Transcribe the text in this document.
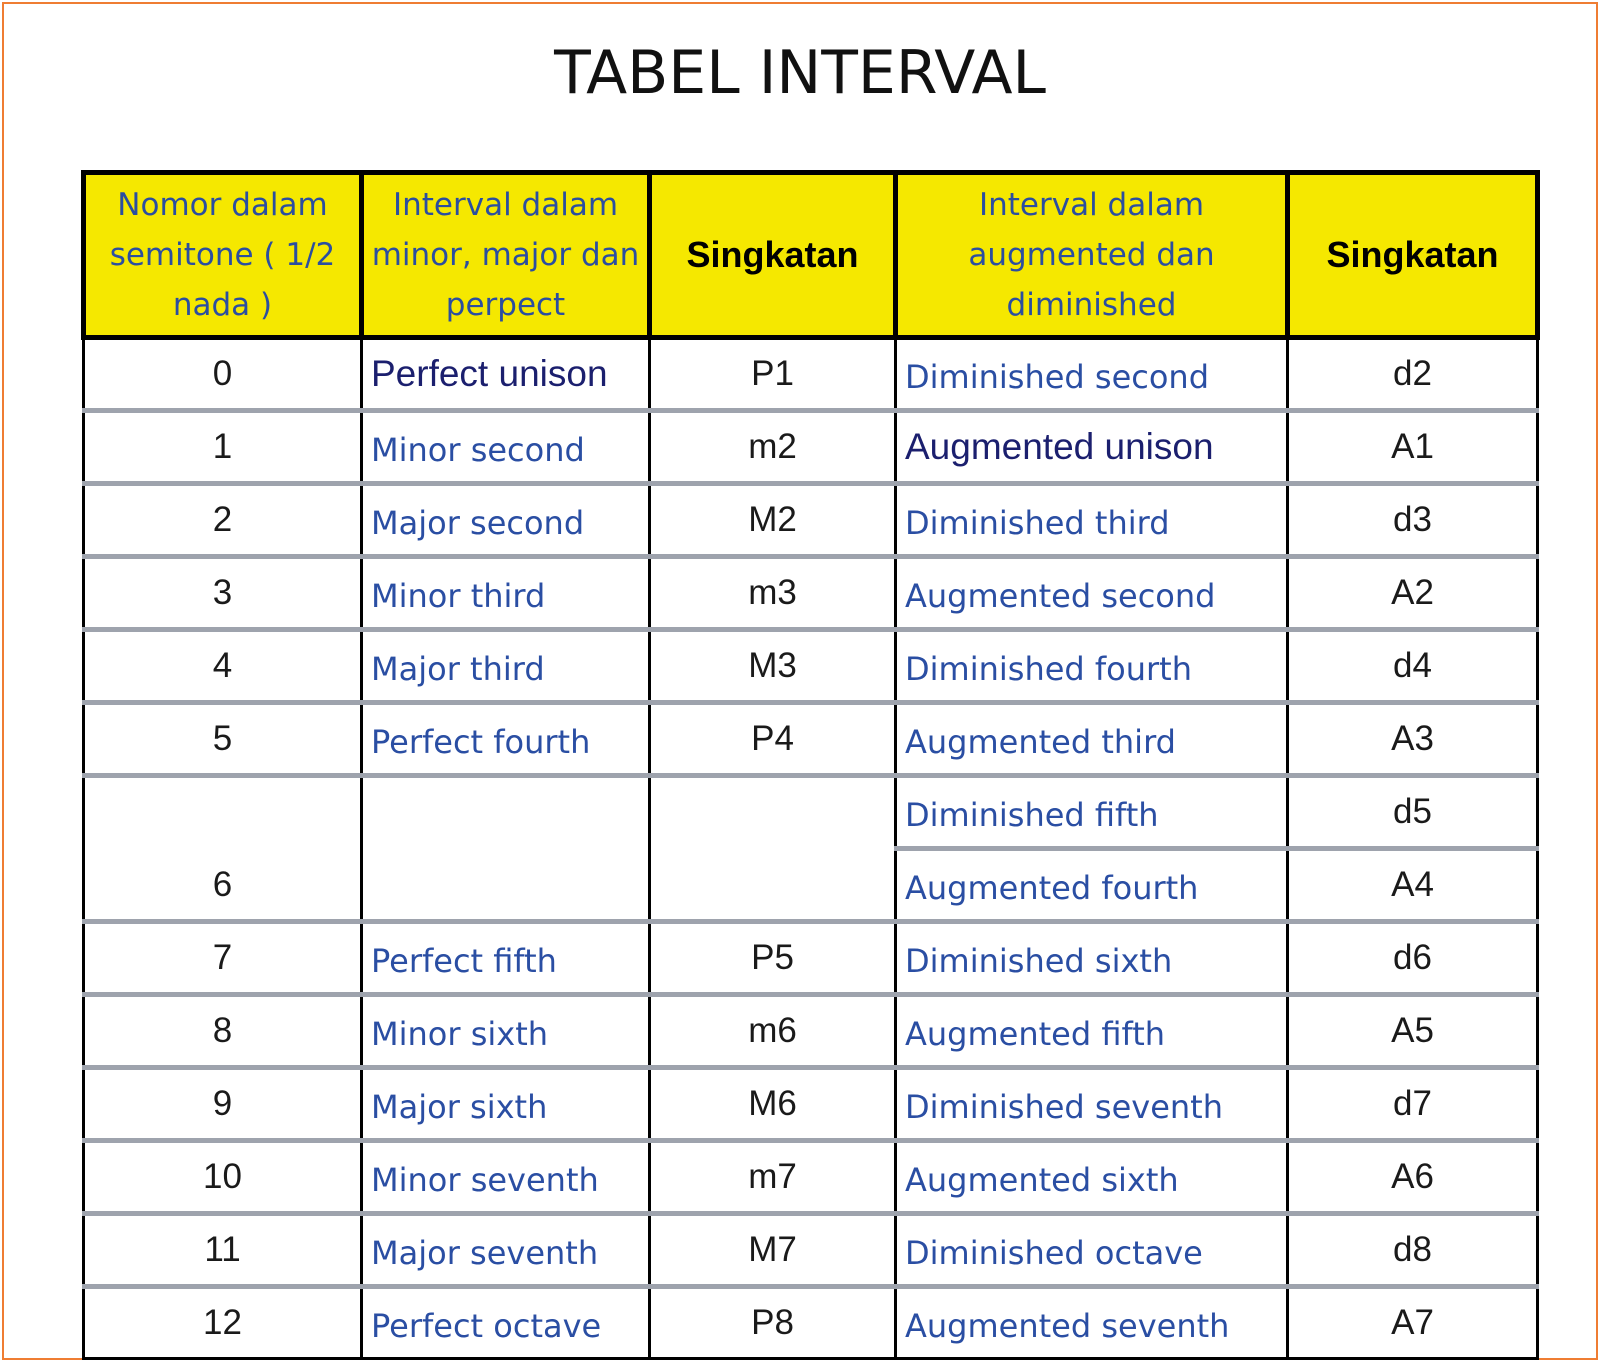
TABEL INTERVAL
Nomor dalam semitone ( 1/2 nada )	Interval dalam minor, major dan perpect	Singkatan	Interval dalam augmented dan diminished	Singkatan
0	Perfect unison	P1	Diminished second	d2
1	Minor second	m2	Augmented unison	A1
2	Major second	M2	Diminished third	d3
3	Minor third	m3	Augmented second	A2
4	Major third	M3	Diminished fourth	d4
5	Perfect fourth	P4	Augmented third	A3
6			Diminished fifth	d5
			Augmented fourth	A4
7	Perfect fifth	P5	Diminished sixth	d6
8	Minor sixth	m6	Augmented fifth	A5
9	Major sixth	M6	Diminished seventh	d7
10	Minor seventh	m7	Augmented sixth	A6
11	Major seventh	M7	Diminished octave	d8
12	Perfect octave	P8	Augmented seventh	A7
